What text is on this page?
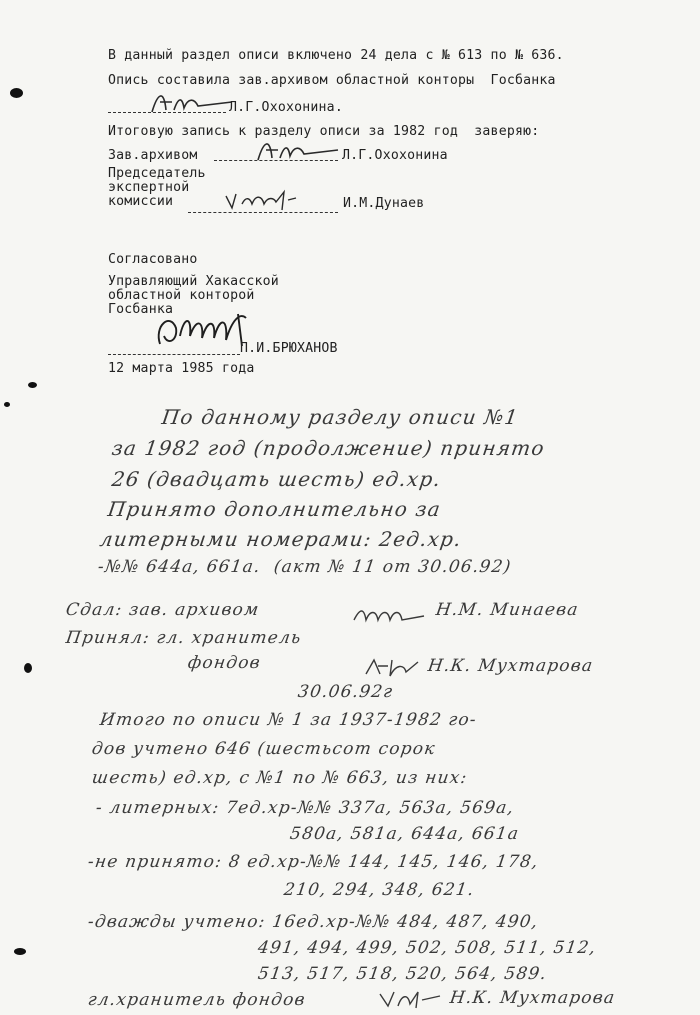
В данный раздел описи включено 24 дела с № 613 по № 636.
Опись составила зав.архивом областной конторы  Госбанка
Л.Г.Охохонина.
Итоговую запись к разделу описи за 1982 год  заверяю:
Зав.архивом	Л.Г.Охохонина
Председатель
экспертной
комиссии	И.М.Дунаев
Согласовано
Управляющий Хакасской
областной конторой
Госбанка
П.И.БРЮХАНОВ
12 марта 1985 года
По данному разделу описи №1
за 1982 год (продолжение) принято
26 (двадцать шесть) ед.хр.
Принято дополнительно за
литерными номерами: 2ед.хр.
-№№ 644а, 661а.  (акт № 11 от 30.06.92)
Сдал: зав. архивом	Н.М. Минаева
Принял: гл. хранитель
фондов	Н.К. Мухтарова
30.06.92г
Итого по описи № 1 за 1937-1982 го-
дов учтено 646 (шестьсот сорок
шесть) ед.хр, с №1 по № 663, из них:
- литерных: 7ед.хр-№№ 337а, 563а, 569а,
580а, 581а, 644а, 661а
-не принято: 8 ед.хр-№№ 144, 145, 146, 178,
210, 294, 348, 621.
-дважды учтено: 16ед.хр-№№ 484, 487, 490,
491, 494, 499, 502, 508, 511, 512,
513, 517, 518, 520, 564, 589.
гл.хранитель фондов	Н.К. Мухтарова
